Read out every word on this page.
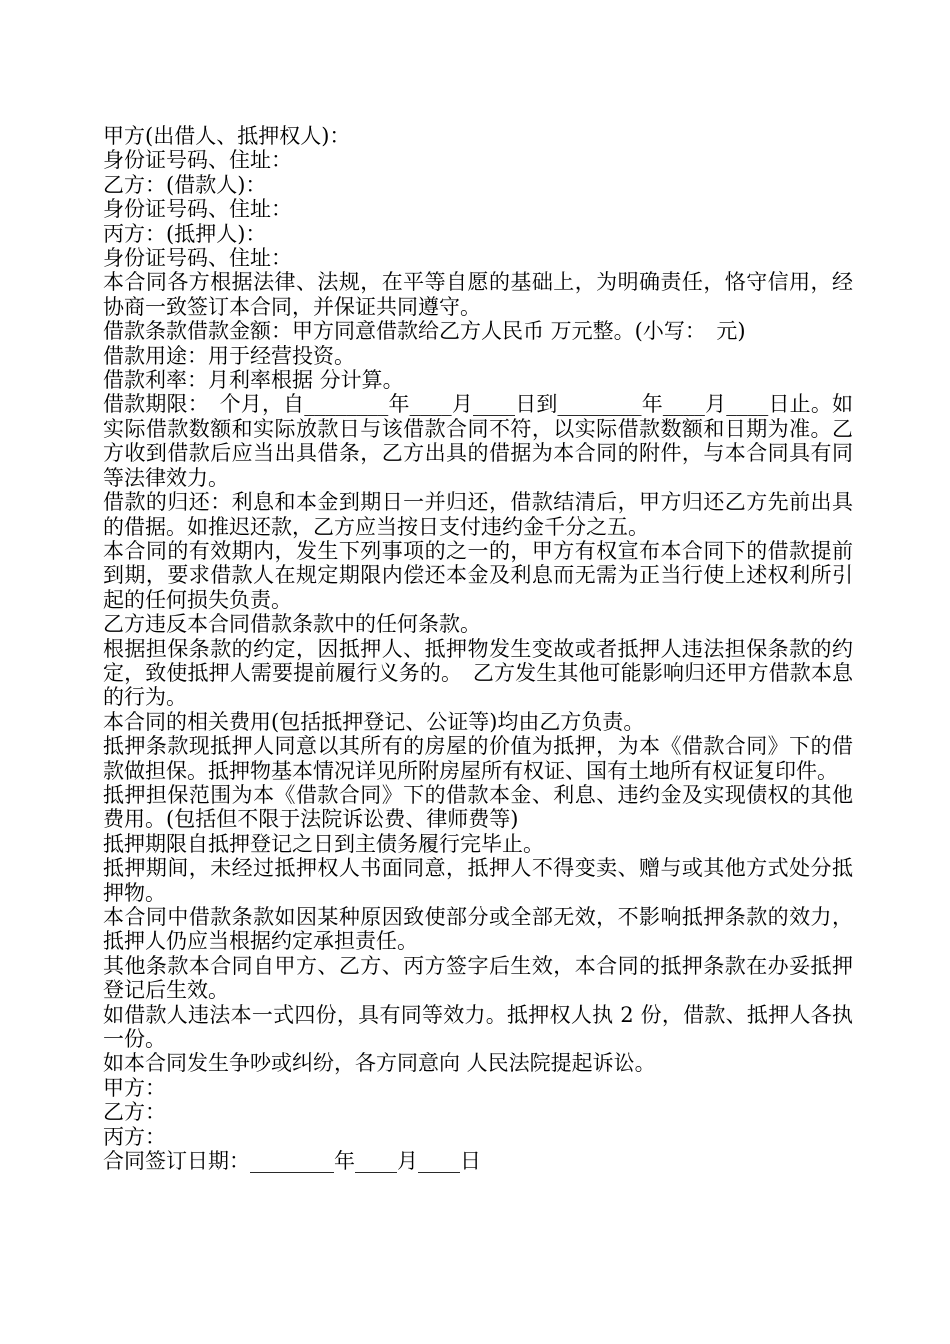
甲方(出借人、抵押权人)：

身份证号码、住址：

乙方：(借款人)：

身份证号码、住址：

丙方：(抵押人)：

身份证号码、住址：

本合同各方根据法律、法规，在平等自愿的基础上，为明确责任，恪守信用，经协商一致签订本合同，并保证共同遵守。

借款条款借款金额：甲方同意借款给乙方人民币 万元整。(小写：　元)

借款用途：用于经营投资。

借款利率：月利率根据 分计算。

借款期限：　个月，自________年____月____日到________年____月____日止。如实际借款数额和实际放款日与该借款合同不符，以实际借款数额和日期为准。乙方收到借款后应当出具借条，乙方出具的借据为本合同的附件，与本合同具有同等法律效力。

借款的归还：利息和本金到期日一并归还，借款结清后，甲方归还乙方先前出具的借据。如推迟还款，乙方应当按日支付违约金千分之五。

本合同的有效期内，发生下列事项的之一的，甲方有权宣布本合同下的借款提前到期，要求借款人在规定期限内偿还本金及利息而无需为正当行使上述权利所引起的任何损失负责。

乙方违反本合同借款条款中的任何条款。

根据担保条款的约定，因抵押人、抵押物发生变故或者抵押人违法担保条款的约定，致使抵押人需要提前履行义务的。　乙方发生其他可能影响归还甲方借款本息的行为。

本合同的相关费用(包括抵押登记、公证等)均由乙方负责。

抵押条款现抵押人同意以其所有的房屋的价值为抵押，为本《借款合同》下的借款做担保。抵押物基本情况详见所附房屋所有权证、国有土地所有权证复印件。

抵押担保范围为本《借款合同》下的借款本金、利息、违约金及实现债权的其他费用。(包括但不限于法院诉讼费、律师费等)

抵押期限自抵押登记之日到主债务履行完毕止。

抵押期间，未经过抵押权人书面同意，抵押人不得变卖、赠与或其他方式处分抵押物。

本合同中借款条款如因某种原因致使部分或全部无效，不影响抵押条款的效力，抵押人仍应当根据约定承担责任。

其他条款本合同自甲方、乙方、丙方签字后生效，本合同的抵押条款在办妥抵押登记后生效。

如借款人违法本一式四份，具有同等效力。抵押权人执 2 份，借款、抵押人各执一份。

如本合同发生争吵或纠纷，各方同意向 人民法院提起诉讼。

甲方：

乙方：

丙方：

合同签订日期：________年____月____日
